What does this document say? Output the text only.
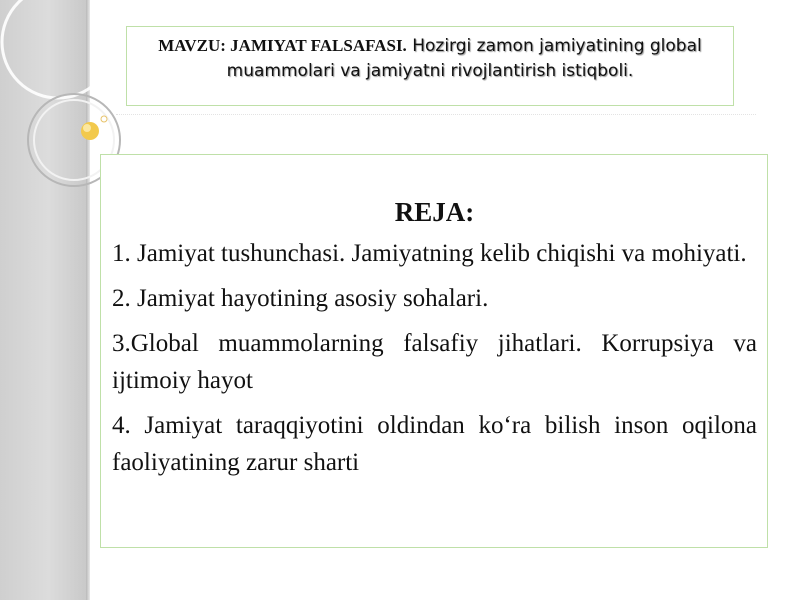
MAVZU: JAMIYAT FALSAFASI. Hozirgi zamon jamiyatining global muammolari va jamiyatni rivojlantirish istiqboli.
REJA:
1. Jamiyat tushunchasi. Jamiyatning kelib chiqishi va mohiyati.
2. Jamiyat hayotining asosiy sohalari.
3.Global muammolarning falsafiy jihatlari. Korrupsiya va ijtimoiy hayot
4. Jamiyat taraqqiyotini oldindan ko‘ra bilish inson oqilona faoliyatining zarur sharti
